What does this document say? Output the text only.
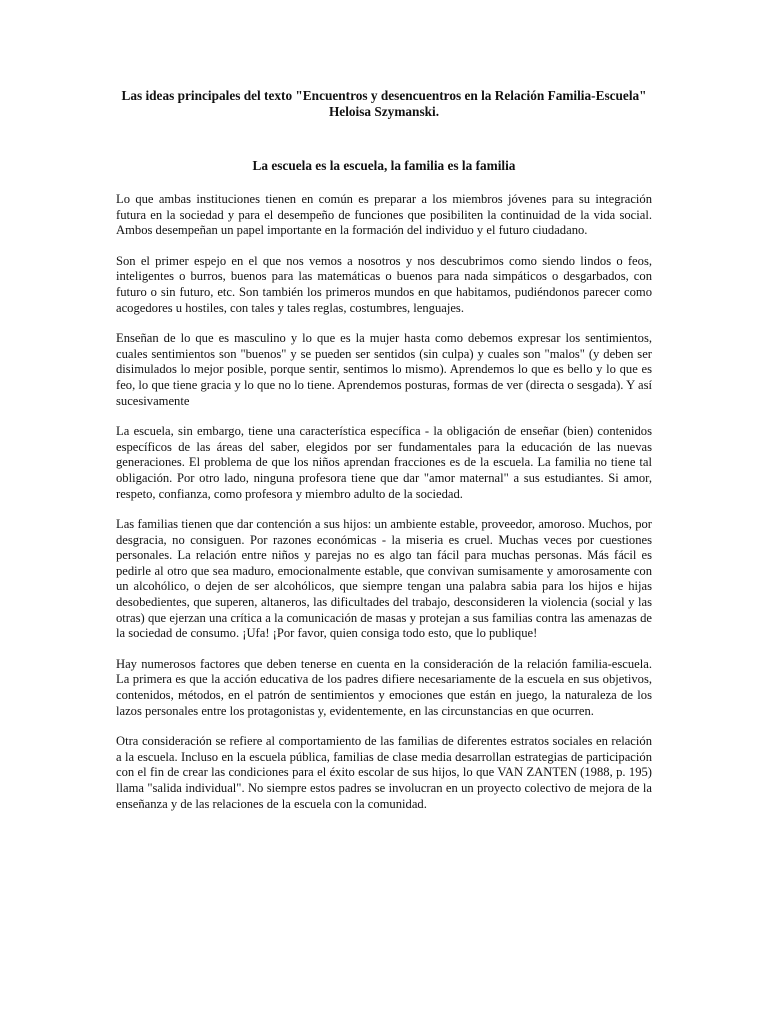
Las ideas principales del texto "Encuentros y desencuentros en la Relación Familia-Escuela" Heloisa Szymanski.
La escuela es la escuela, la familia es la familia

Lo que ambas instituciones tienen en común es preparar a los miembros jóvenes para su integración futura en la sociedad y para el desempeño de funciones que posibiliten la continuidad de la vida social. Ambos desempeñan un papel importante en la formación del individuo y el futuro ciudadano.

Son el primer espejo en el que nos vemos a nosotros y nos descubrimos como siendo lindos o feos, inteligentes o burros, buenos para las matemáticas o buenos para nada simpáticos o desgarbados, con futuro o sin futuro, etc. Son también los primeros mundos en que habitamos, pudiéndonos parecer como acogedores u hostiles, con tales y tales reglas, costumbres, lenguajes.

Enseñan de lo que es masculino y lo que es la mujer hasta como debemos expresar los sentimientos, cuales sentimientos son "buenos" y se pueden ser sentidos (sin culpa) y cuales son "malos" (y deben ser disimulados lo mejor posible, porque sentir, sentimos lo mismo). Aprendemos lo que es bello y lo que es feo, lo que tiene gracia y lo que no lo tiene. Aprendemos posturas, formas de ver (directa o sesgada). Y así sucesivamente

La escuela, sin embargo, tiene una característica específica - la obligación de enseñar (bien) contenidos específicos de las áreas del saber, elegidos por ser fundamentales para la educación de las nuevas generaciones. El problema de que los niños aprendan fracciones es de la escuela. La familia no tiene tal obligación. Por otro lado, ninguna profesora tiene que dar "amor maternal" a sus estudiantes. Si amor, respeto, confianza, como profesora y miembro adulto de la sociedad.

Las familias tienen que dar contención a sus hijos: un ambiente estable, proveedor, amoroso. Muchos, por desgracia, no consiguen. Por razones económicas - la miseria es cruel. Muchas veces por cuestiones personales. La relación entre niños y parejas no es algo tan fácil para muchas personas. Más fácil es pedirle al otro que sea maduro, emocionalmente estable, que convivan sumisamente y amorosamente con un alcohólico, o dejen de ser alcohólicos, que siempre tengan una palabra sabia para los hijos e hijas desobedientes, que superen, altaneros, las dificultades del trabajo, desconsideren la violencia (social y las otras) que ejerzan una crítica a la comunicación de masas y protejan a sus familias contra las amenazas de la sociedad de consumo. ¡Ufa! ¡Por favor, quien consiga todo esto, que lo publique!

Hay numerosos factores que deben tenerse en cuenta en la consideración de la relación familia-escuela. La primera es que la acción educativa de los padres difiere necesariamente de la escuela en sus objetivos, contenidos, métodos, en el patrón de sentimientos y emociones que están en juego, la naturaleza de los lazos personales entre los protagonistas y, evidentemente, en las circunstancias en que ocurren.

Otra consideración se refiere al comportamiento de las familias de diferentes estratos sociales en relación a la escuela. Incluso en la escuela pública, familias de clase media desarrollan estrategias de participación con el fin de crear las condiciones para el éxito escolar de sus hijos, lo que VAN ZANTEN (1988, p. 195) llama "salida individual". No siempre estos padres se involucran en un proyecto colectivo de mejora de la enseñanza y de las relaciones de la escuela con la comunidad.
